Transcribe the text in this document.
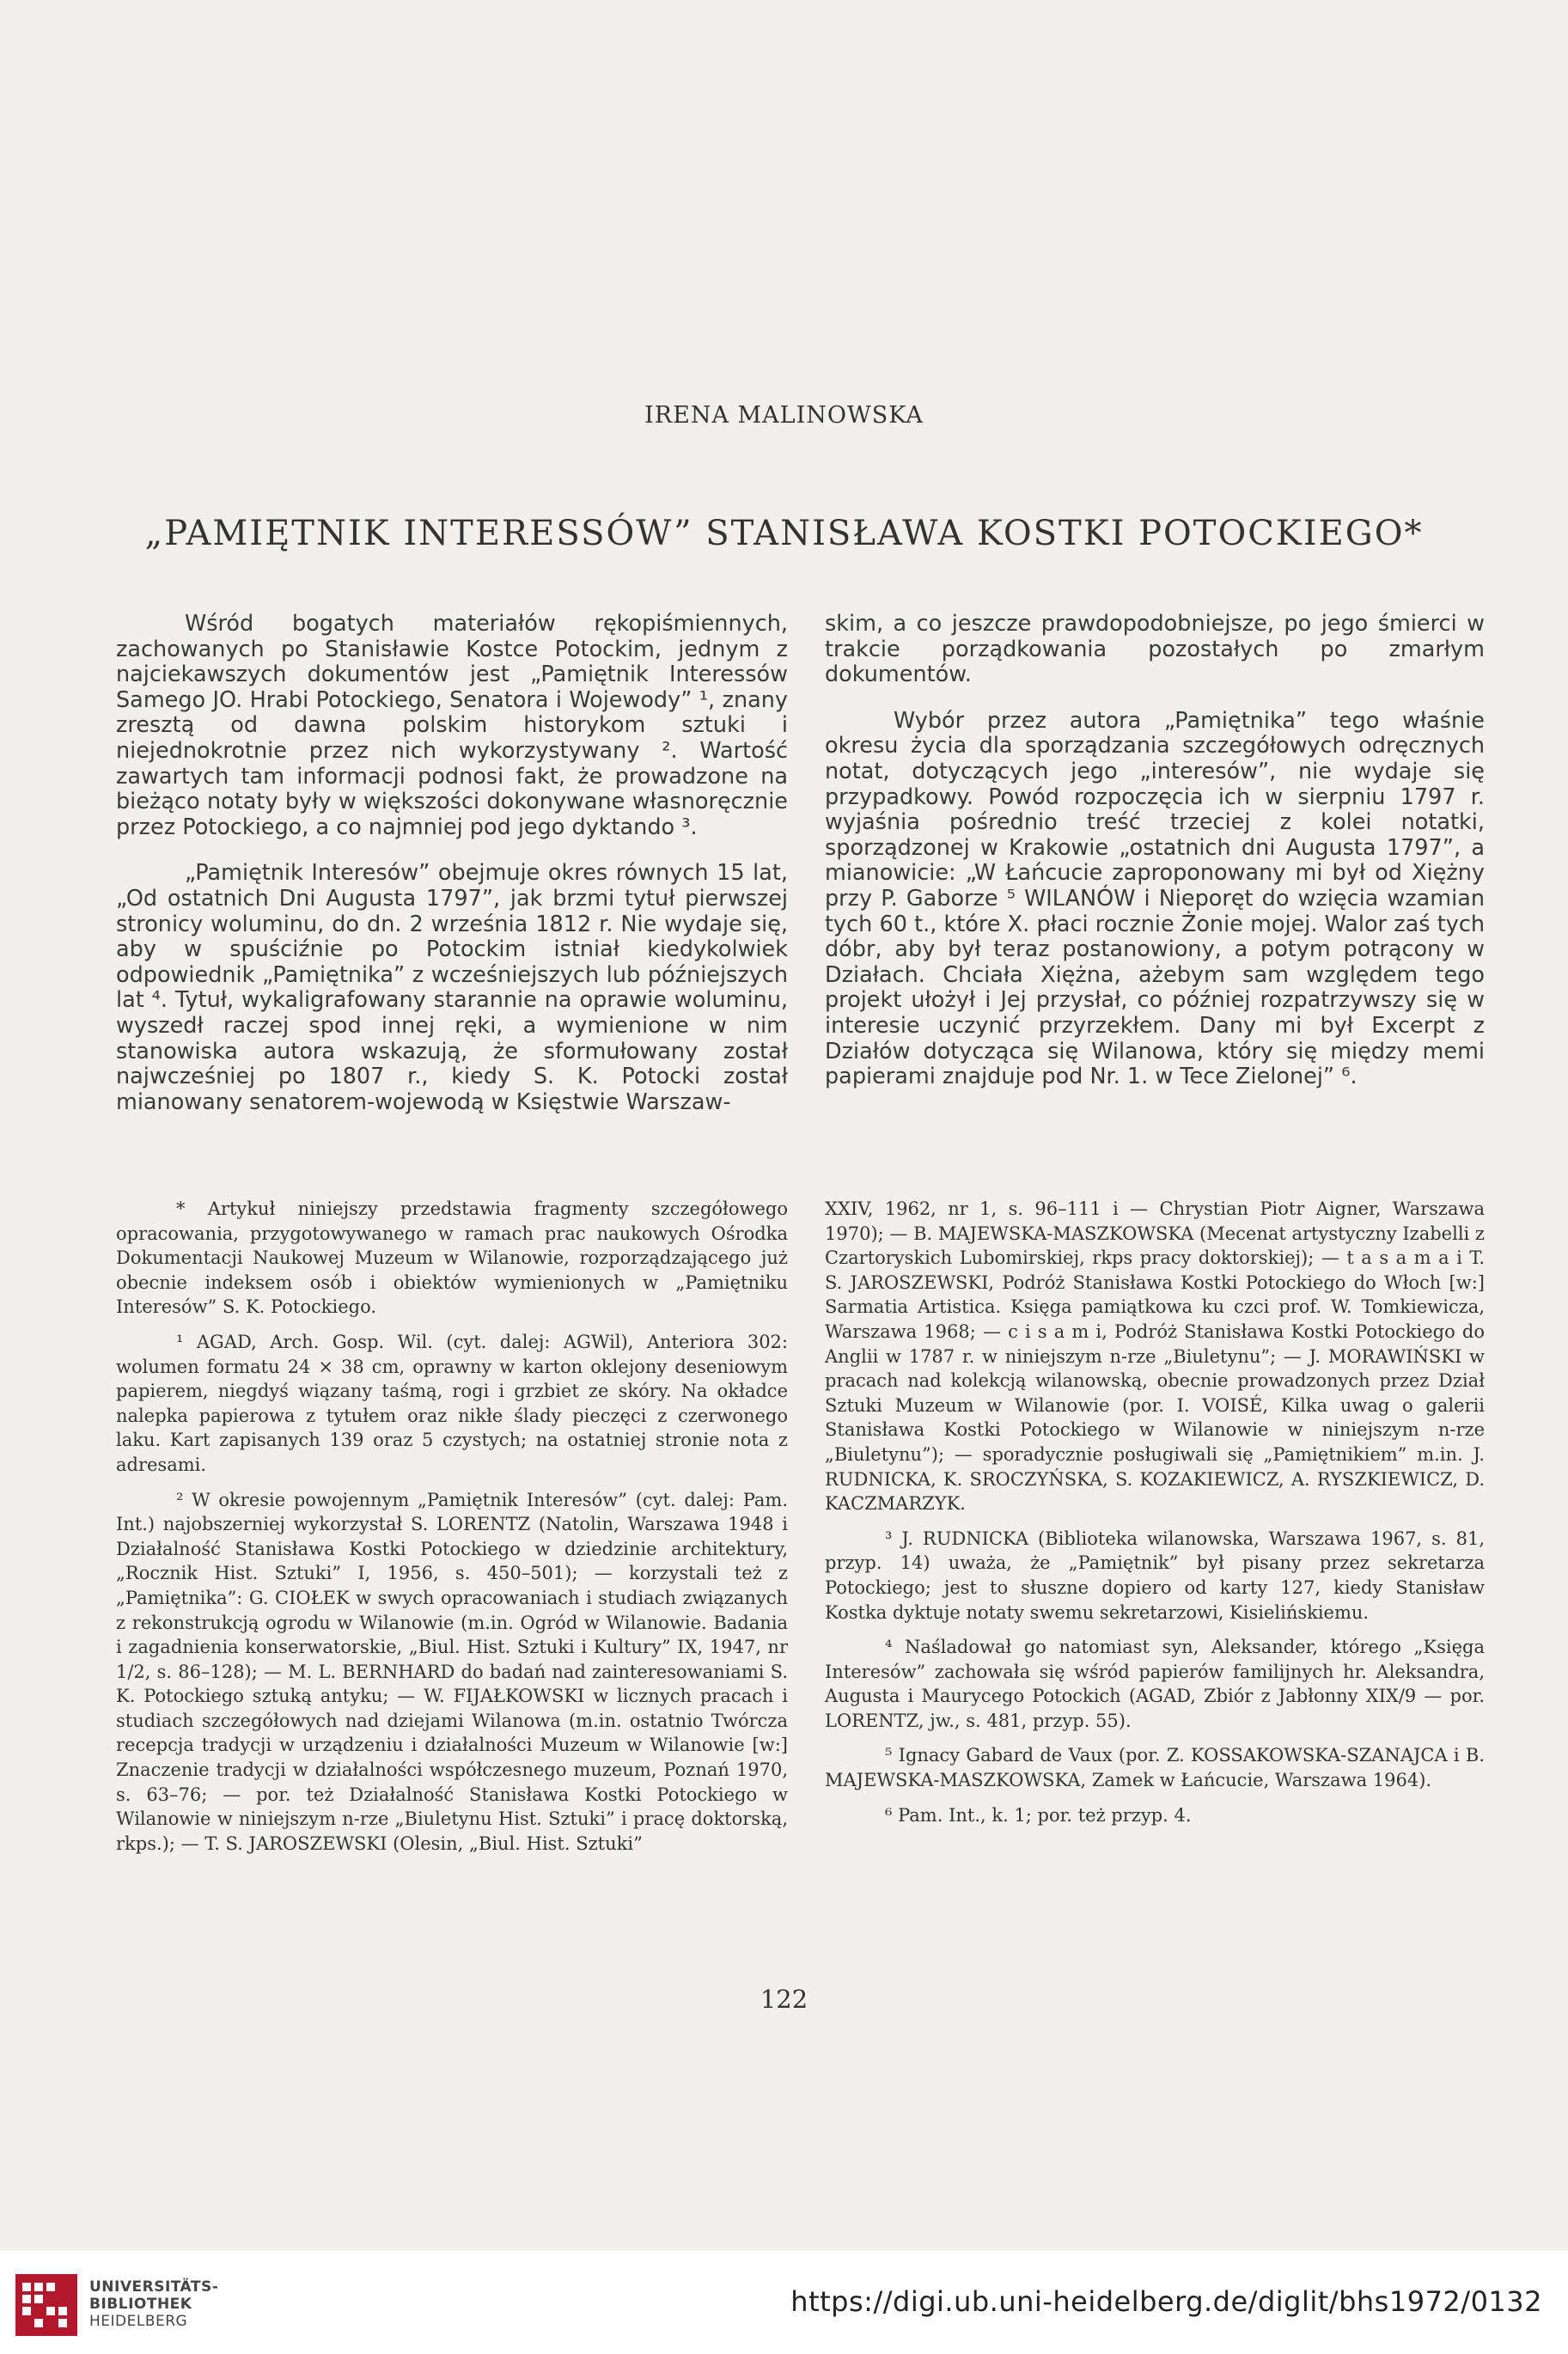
IRENA MALINOWSKA
„PAMIĘTNIK INTERESSÓW” STANISŁAWA KOSTKI POTOCKIEGO*

Wśród bogatych materiałów rękopiśmiennych, zachowanych po Stanisławie Kostce Potockim, jednym z najciekawszych dokumentów jest „Pamiętnik Interessów Samego JO. Hrabi Potockiego, Senatora i Wojewody” ¹, znany zresztą od dawna polskim historykom sztuki i niejednokrotnie przez nich wykorzystywany ². Wartość zawartych tam informacji podnosi fakt, że prowadzone na bieżąco notaty były w większości dokonywane własnoręcznie przez Potockiego, a co najmniej pod jego dyktando ³.

„Pamiętnik Interesów” obejmuje okres równych 15 lat, „Od ostatnich Dni Augusta 1797”, jak brzmi tytuł pierwszej stronicy woluminu, do dn. 2 września 1812 r. Nie wydaje się, aby w spuściźnie po Potockim istniał kiedykolwiek odpowiednik „Pamiętnika” z wcześniejszych lub późniejszych lat ⁴. Tytuł, wykaligrafowany starannie na oprawie woluminu, wyszedł raczej spod innej ręki, a wymienione w nim stanowiska autora wskazują, że sformułowany został najwcześniej po 1807 r., kiedy S. K. Potocki został mianowany senatorem-wojewodą w Księstwie Warszaw-

skim, a co jeszcze prawdopodobniejsze, po jego śmierci w trakcie porządkowania pozostałych po zmarłym dokumentów.

Wybór przez autora „Pamiętnika” tego właśnie okresu życia dla sporządzania szczegółowych odręcznych notat, dotyczących jego „interesów”, nie wydaje się przypadkowy. Powód rozpoczęcia ich w sierpniu 1797 r. wyjaśnia pośrednio treść trzeciej z kolei notatki, sporządzonej w Krakowie „ostatnich dni Augusta 1797”, a mianowicie: „W Łańcucie zaproponowany mi był od Xiężny przy P. Gaborze ⁵ WILANÓW i Nieporęt do wzięcia wzamian tych 60 t., które X. płaci rocznie Żonie mojej. Walor zaś tych dóbr, aby był teraz postanowiony, a potym potrącony w Działach. Chciała Xiężna, ażebym sam względem tego projekt ułożył i Jej przysłał, co później rozpatrzywszy się w interesie uczynić przyrzekłem. Dany mi był Excerpt z Działów dotycząca się Wilanowa, który się między memi papierami znajduje pod Nr. 1. w Tece Zielonej” ⁶.

* Artykuł niniejszy przedstawia fragmenty szczegółowego opracowania, przygotowywanego w ramach prac naukowych Ośrodka Dokumentacji Naukowej Muzeum w Wilanowie, rozporządzającego już obecnie indeksem osób i obiektów wymienionych w „Pamiętniku Interesów” S. K. Potockiego.

¹ AGAD, Arch. Gosp. Wil. (cyt. dalej: AGWil), Anteriora 302: wolumen formatu 24 × 38 cm, oprawny w karton oklejony deseniowym papierem, niegdyś wiązany taśmą, rogi i grzbiet ze skóry. Na okładce nalepka papierowa z tytułem oraz nikłe ślady pieczęci z czerwonego laku. Kart zapisanych 139 oraz 5 czystych; na ostatniej stronie nota z adresami.

² W okresie powojennym „Pamiętnik Interesów” (cyt. dalej: Pam. Int.) najobszerniej wykorzystał S. LORENTZ (Natolin, Warszawa 1948 i Działalność Stanisława Kostki Potockiego w dziedzinie architektury, „Rocznik Hist. Sztuki” I, 1956, s. 450–501); — korzystali też z „Pamiętnika”: G. CIOŁEK w swych opracowaniach i studiach związanych z rekonstrukcją ogrodu w Wilanowie (m.in. Ogród w Wilanowie. Badania i zagadnienia konserwatorskie, „Biul. Hist. Sztuki i Kultury” IX, 1947, nr 1/2, s. 86–128); — M. L. BERNHARD do badań nad zainteresowaniami S. K. Potockiego sztuką antyku; — W. FIJAŁKOWSKI w licznych pracach i studiach szczegółowych nad dziejami Wilanowa (m.in. ostatnio Twórcza recepcja tradycji w urządzeniu i działalności Muzeum w Wilanowie [w:] Znaczenie tradycji w działalności współczesnego muzeum, Poznań 1970, s. 63–76; — por. też Działalność Stanisława Kostki Potockiego w Wilanowie w niniejszym n-rze „Biuletynu Hist. Sztuki” i pracę doktorską, rkps.); — T. S. JAROSZEWSKI (Olesin, „Biul. Hist. Sztuki”

XXIV, 1962, nr 1, s. 96–111 i — Chrystian Piotr Aigner, Warszawa 1970); — B. MAJEWSKA-MASZKOWSKA (Mecenat artystyczny Izabelli z Czartoryskich Lubomirskiej, rkps pracy doktorskiej); — t a s a m a i T. S. JAROSZEWSKI, Podróż Stanisława Kostki Potockiego do Włoch [w:] Sarmatia Artistica. Księga pamiątkowa ku czci prof. W. Tomkiewicza, Warszawa 1968; — c i s a m i, Podróż Stanisława Kostki Potockiego do Anglii w 1787 r. w niniejszym n-rze „Biuletynu”; — J. MORAWIŃSKI w pracach nad kolekcją wilanowską, obecnie prowadzonych przez Dział Sztuki Muzeum w Wilanowie (por. I. VOISÉ, Kilka uwag o galerii Stanisława Kostki Potockiego w Wilanowie w niniejszym n-rze „Biuletynu”); — sporadycznie posługiwali się „Pamiętnikiem” m.in. J. RUDNICKA, K. SROCZYŃSKA, S. KOZAKIEWICZ, A. RYSZKIEWICZ, D. KACZMARZYK.

³ J. RUDNICKA (Biblioteka wilanowska, Warszawa 1967, s. 81, przyp. 14) uważa, że „Pamiętnik” był pisany przez sekretarza Potockiego; jest to słuszne dopiero od karty 127, kiedy Stanisław Kostka dyktuje notaty swemu sekretarzowi, Kisielińskiemu.

⁴ Naśladował go natomiast syn, Aleksander, którego „Księga Interesów” zachowała się wśród papierów familijnych hr. Aleksandra, Augusta i Maurycego Potockich (AGAD, Zbiór z Jabłonny XIX/9 — por. LORENTZ, jw., s. 481, przyp. 55).

⁵ Ignacy Gabard de Vaux (por. Z. KOSSAKOWSKA-SZANAJCA i B. MAJEWSKA-MASZKOWSKA, Zamek w Łańcucie, Warszawa 1964).

⁶ Pam. Int., k. 1; por. też przyp. 4.

122
UNIVERSITÄTS-
BIBLIOTHEK
HEIDELBERG
https://digi.ub.uni-heidelberg.de/diglit/bhs1972/0132
